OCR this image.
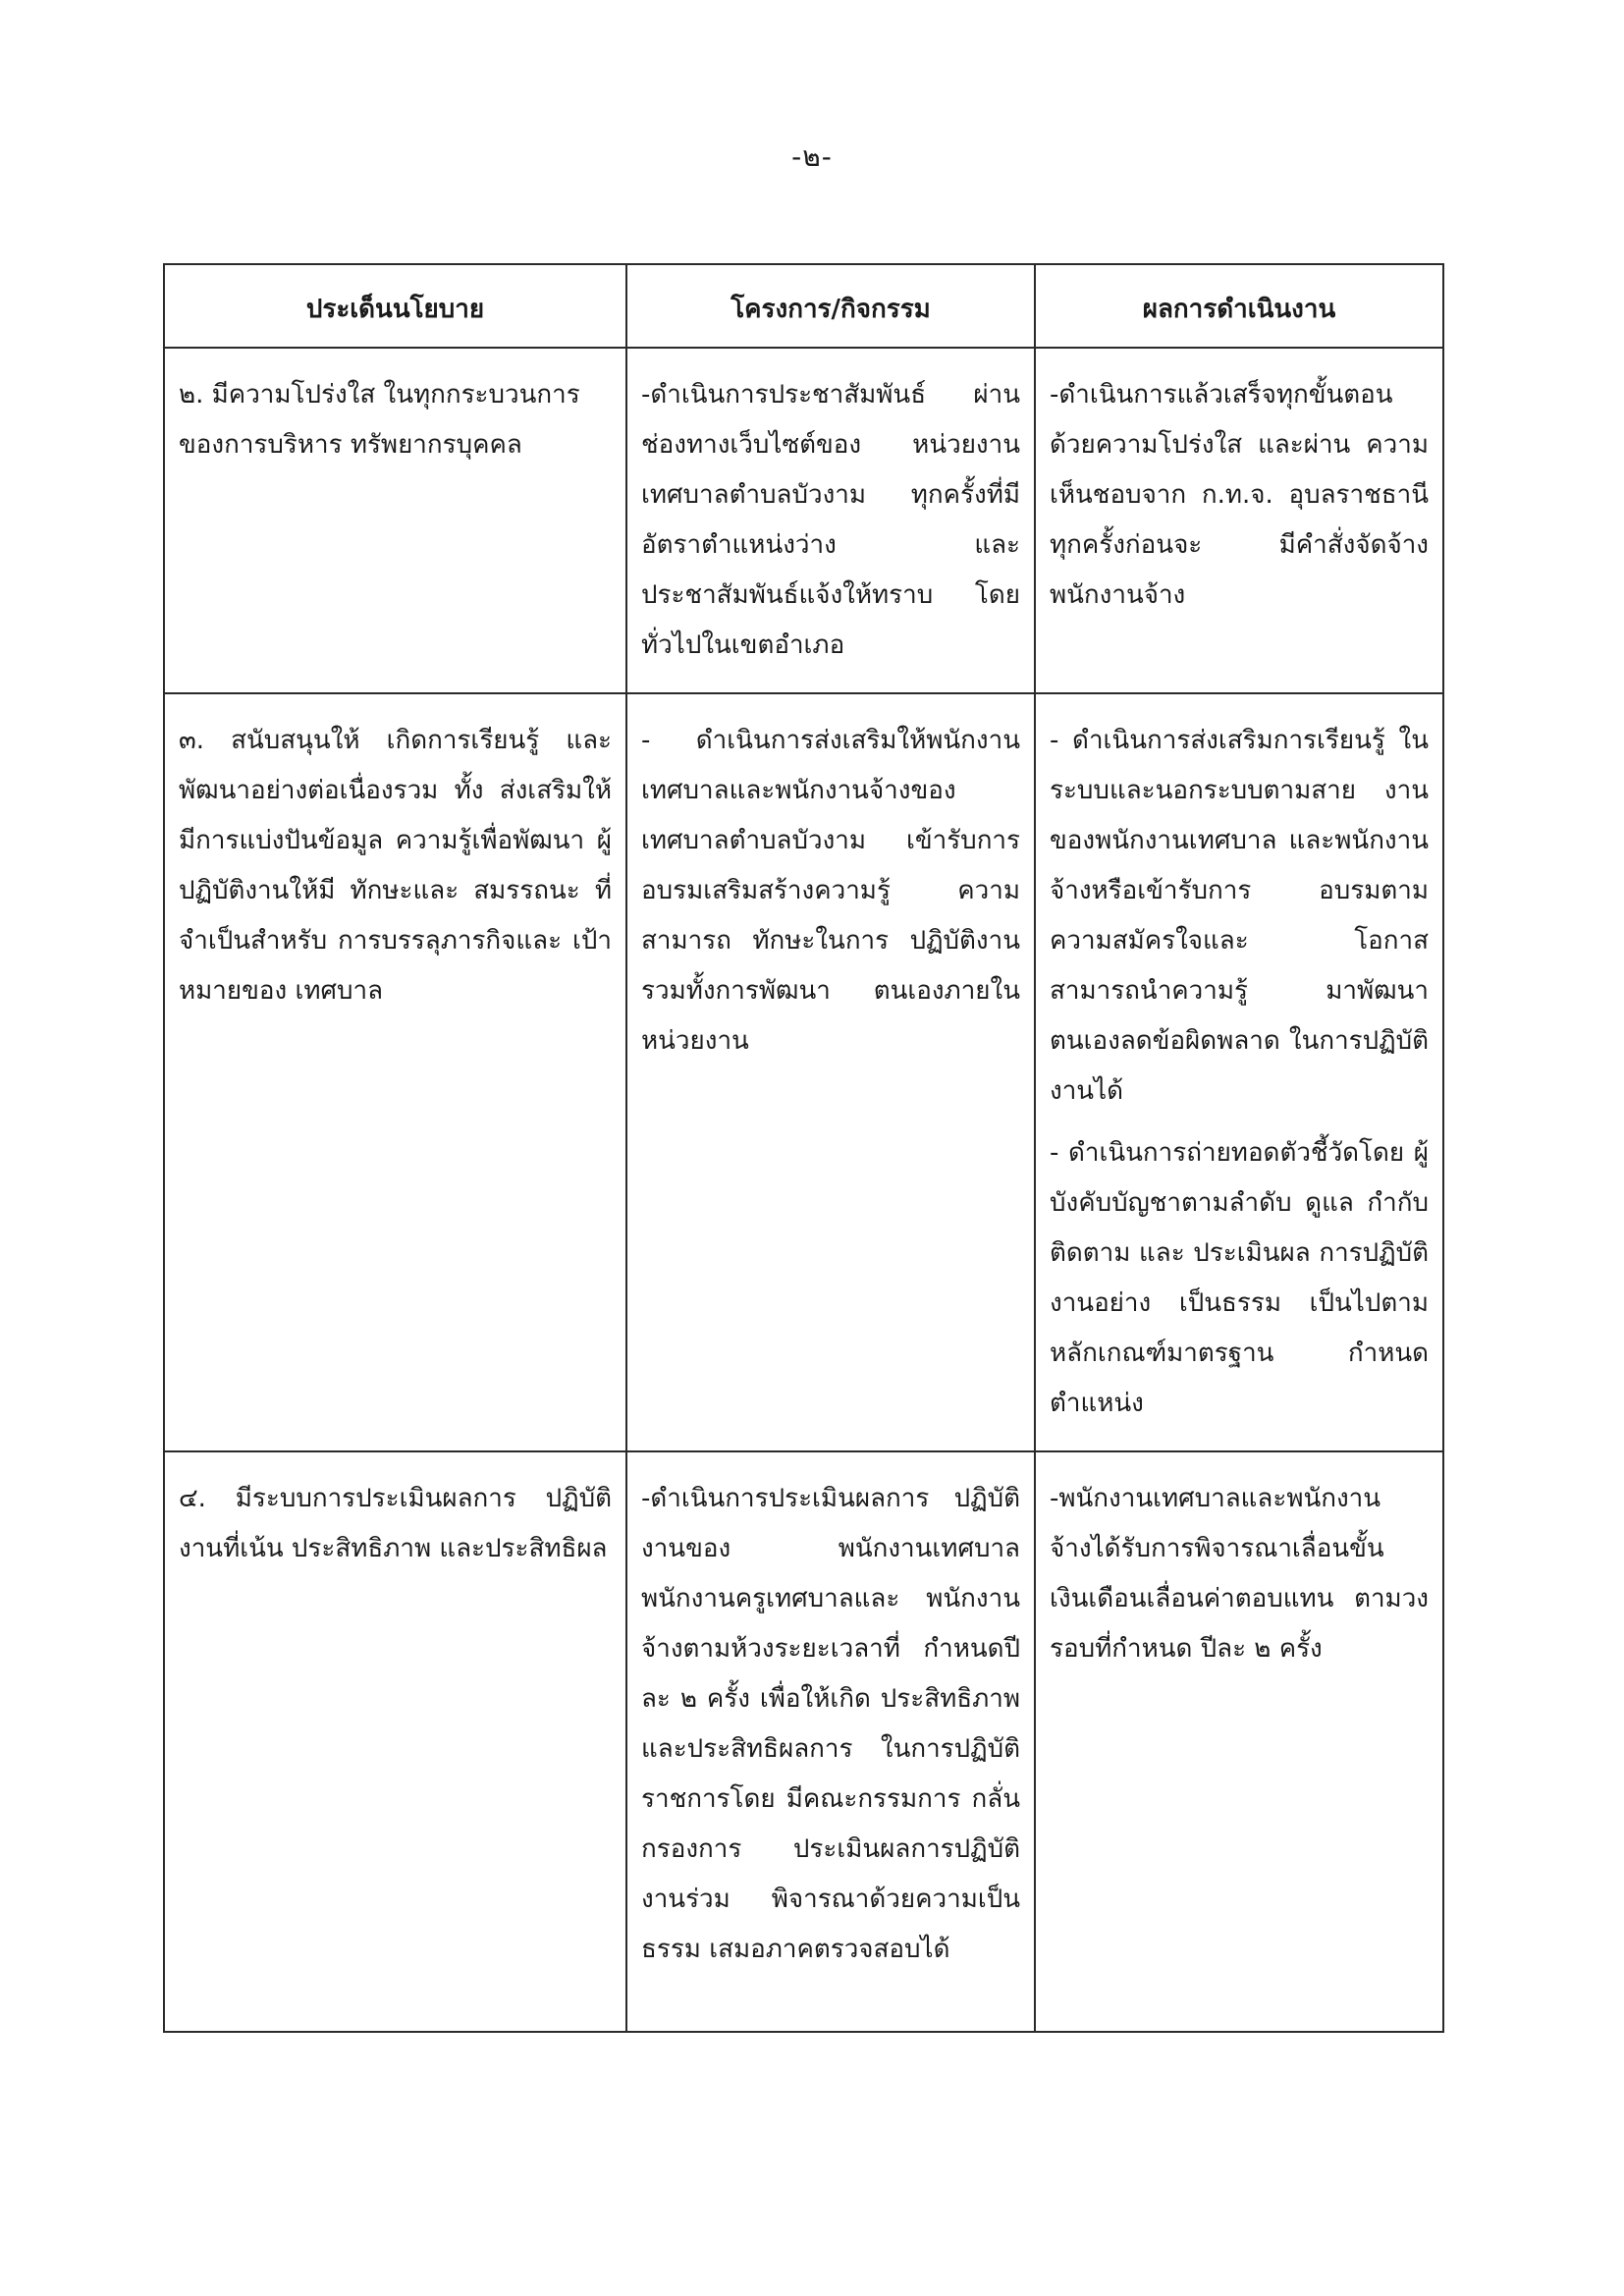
-๒-
ประเด็นนโยบาย	โครงการ/กิจกรรม	ผลการดำเนินงาน
๒. มีความโปร่งใส ในทุกกระบวนการ ของการบริหาร ทรัพยากรบุคคล	-ดำเนินการประชาสัมพันธ์ ผ่านช่องทางเว็บไซต์ของ หน่วยงานเทศบาลตำบลบัวงาม ทุกครั้งที่มีอัตราตำแหน่งว่าง และ ประชาสัมพันธ์แจ้งให้ทราบ โดยทั่วไปในเขตอำเภอ	-ดำเนินการแล้วเสร็จทุกขั้นตอน ด้วยความโปร่งใส และผ่าน ความ เห็นชอบจาก ก.ท.จ. อุบลราชธานี ทุกครั้งก่อนจะ มีคำสั่งจัดจ้าง พนักงานจ้าง

๓. สนับสนุนให้ เกิดการเรียนรู้ และพัฒนาอย่างต่อเนื่องรวม ทั้ง ส่งเสริมให้มีการแบ่งปันข้อมูล ความรู้เพื่อพัฒนา ผู้ปฏิบัติงานให้มี ทักษะและ สมรรถนะ ที่จำเป็นสำหรับ การบรรลุภารกิจและ เป้าหมายของ เทศบาล	- ดำเนินการส่งเสริมให้พนักงาน เทศบาลและพนักงานจ้างของ เทศบาลตำบลบัวงาม เข้ารับการอบรมเสริมสร้างความรู้ ความสามารถ ทักษะในการ ปฏิบัติงานรวมทั้งการพัฒนา ตนเองภายในหน่วยงาน	- ดำเนินการส่งเสริมการเรียนรู้ ในระบบและนอกระบบตามสาย งานของพนักงานเทศบาล และพนักงานจ้างหรือเข้ารับการ อบรมตามความสมัครใจและ โอกาส สามารถนำความรู้ มาพัฒนา ตนเองลดข้อผิดพลาด ในการปฏิบัติงานได้
- ดำเนินการถ่ายทอดตัวชี้วัดโดย ผู้บังคับบัญชาตามลำดับ ดูแล กำกับ ติดตาม และ ประเมินผล การปฏิบัติงานอย่าง เป็นธรรม เป็นไปตามหลักเกณฑ์มาตรฐาน กำหนดตำแหน่ง

๔. มีระบบการประเมินผลการ ปฏิบัติงานที่เน้น ประสิทธิภาพ และประสิทธิผล	-ดำเนินการประเมินผลการ ปฏิบัติงานของ พนักงานเทศบาล พนักงานครูเทศบาลและ พนักงานจ้างตามห้วงระยะเวลาที่ กำหนดปีละ ๒ ครั้ง เพื่อให้เกิด ประสิทธิภาพและประสิทธิผลการ ในการปฏิบัติราชการโดย มีคณะกรรมการ กลั่นกรองการ ประเมินผลการปฏิบัติงานร่วม พิจารณาด้วยความเป็นธรรม เสมอภาคตรวจสอบได้	-พนักงานเทศบาลและพนักงาน จ้างได้รับการพิจารณาเลื่อนขั้น เงินเดือนเลื่อนค่าตอบแทน ตามวงรอบที่กำหนด ปีละ ๒ ครั้ง
